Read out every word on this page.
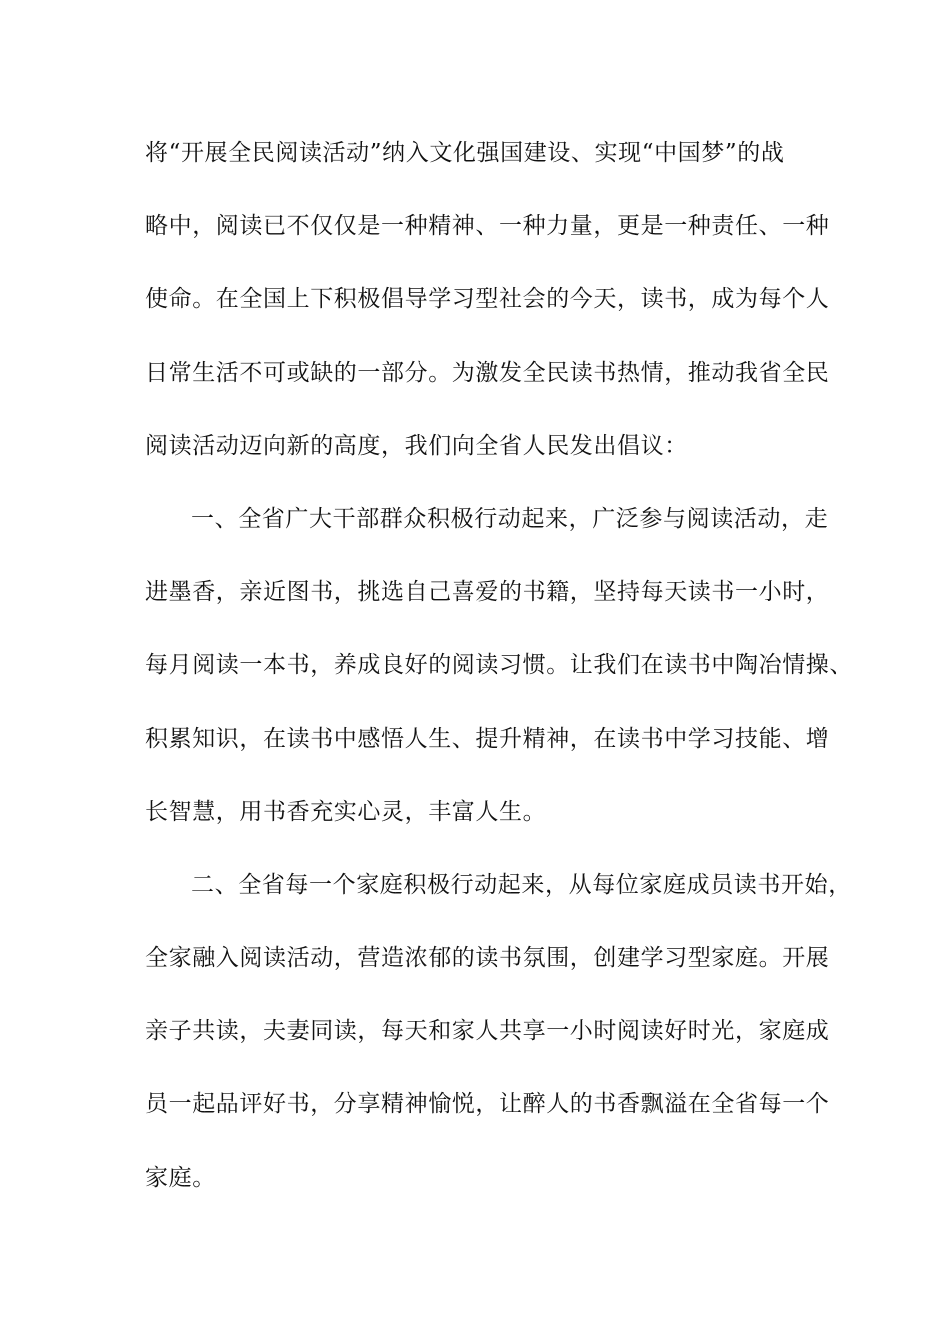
将“开展全民阅读活动”纳入文化强国建设、实现“中国梦”的战
略中，阅读已不仅仅是一种精神、一种力量，更是一种责任、一种
使命。在全国上下积极倡导学习型社会的今天，读书，成为每个人
日常生活不可或缺的一部分。为激发全民读书热情，推动我省全民
阅读活动迈向新的高度，我们向全省人民发出倡议：
一、全省广大干部群众积极行动起来，广泛参与阅读活动，走
进墨香，亲近图书，挑选自己喜爱的书籍，坚持每天读书一小时，
每月阅读一本书，养成良好的阅读习惯。让我们在读书中陶冶情操、
积累知识，在读书中感悟人生、提升精神，在读书中学习技能、增
长智慧，用书香充实心灵，丰富人生。
二、全省每一个家庭积极行动起来，从每位家庭成员读书开始，
全家融入阅读活动，营造浓郁的读书氛围，创建学习型家庭。开展
亲子共读，夫妻同读，每天和家人共享一小时阅读好时光，家庭成
员一起品评好书，分享精神愉悦，让醉人的书香飘溢在全省每一个
家庭。
